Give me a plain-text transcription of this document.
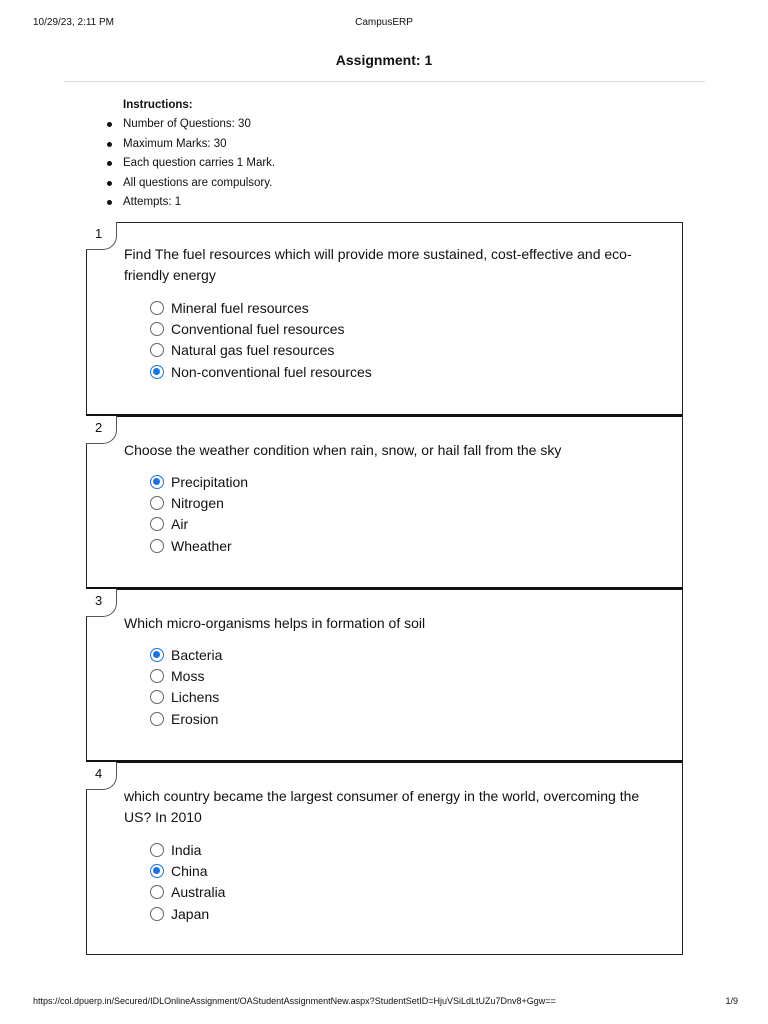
10/29/23, 2:11 PM	CampusERP
Assignment: 1
Instructions:
Number of Questions: 30
Maximum Marks: 30
Each question carries 1 Mark.
All questions are compulsory.
Attempts: 1
1
Find The fuel resources which will provide more sustained, cost-effective and eco-friendly energy
Mineral fuel resources
Conventional fuel resources
Natural gas fuel resources
Non-conventional fuel resources
2
Choose the weather condition when rain, snow, or hail fall from the sky
Precipitation
Nitrogen
Air
Wheather
3
Which micro-organisms helps in formation of soil
Bacteria
Moss
Lichens
Erosion
4
which country became the largest consumer of energy in the world, overcoming the US? In 2010
India
China
Australia
Japan
https://col.dpuerp.in/Secured/IDLOnlineAssignment/OAStudentAssignmentNew.aspx?StudentSetID=HjuVSiLdLtUZu7Dnv8+Ggw==	1/9
